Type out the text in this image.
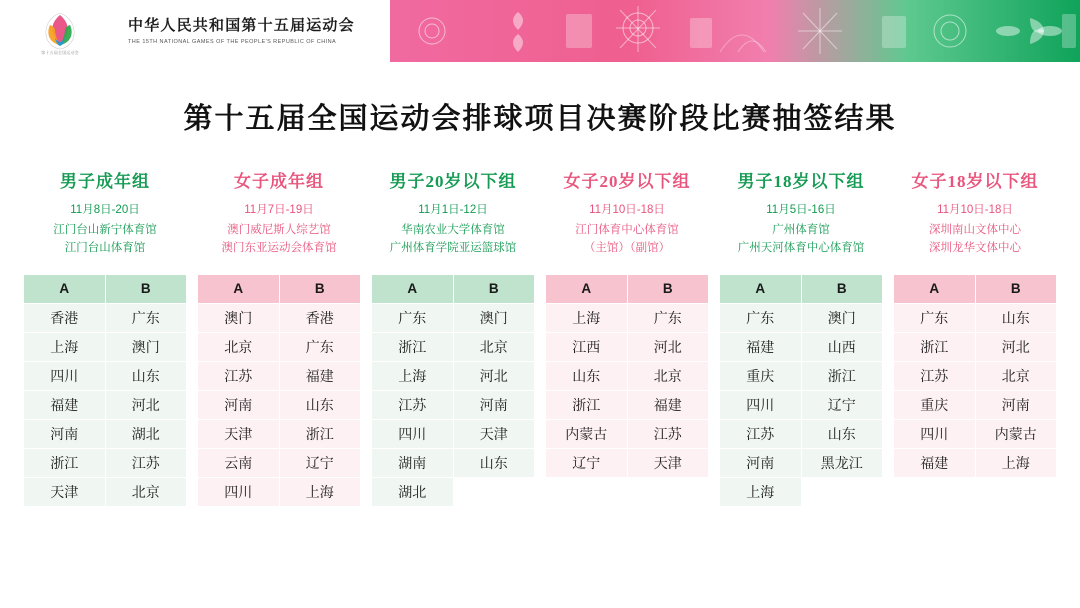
第十五届全国运动会
中华人民共和国第十五届运动会
THE 15TH NATIONAL GAMES OF THE PEOPLE'S REPUBLIC OF CHINA
第十五届全国运动会排球项目决赛阶段比赛抽签结果
男子成年组
11月8日-20日
江门台山新宁体育馆
江门台山体育馆
A	B
香港	广东
上海	澳门
四川	山东
福建	河北
河南	湖北
浙江	江苏
天津	北京
女子成年组
11月7日-19日
澳门威尼斯人综艺馆
澳门东亚运动会体育馆
A	B
澳门	香港
北京	广东
江苏	福建
河南	山东
天津	浙江
云南	辽宁
四川	上海
男子20岁以下组
11月1日-12日
华南农业大学体育馆
广州体育学院亚运篮球馆
A	B
广东	澳门
浙江	北京
上海	河北
江苏	河南
四川	天津
湖南	山东
湖北	
女子20岁以下组
11月10日-18日
江门体育中心体育馆
（主馆）（副馆）
A	B
上海	广东
江西	河北
山东	北京
浙江	福建
内蒙古	江苏
辽宁	天津
男子18岁以下组
11月5日-16日
广州体育馆
广州天河体育中心体育馆
A	B
广东	澳门
福建	山西
重庆	浙江
四川	辽宁
江苏	山东
河南	黑龙江
上海	
女子18岁以下组
11月10日-18日
深圳南山文体中心
深圳龙华文体中心
A	B
广东	山东
浙江	河北
江苏	北京
重庆	河南
四川	内蒙古
福建	上海
